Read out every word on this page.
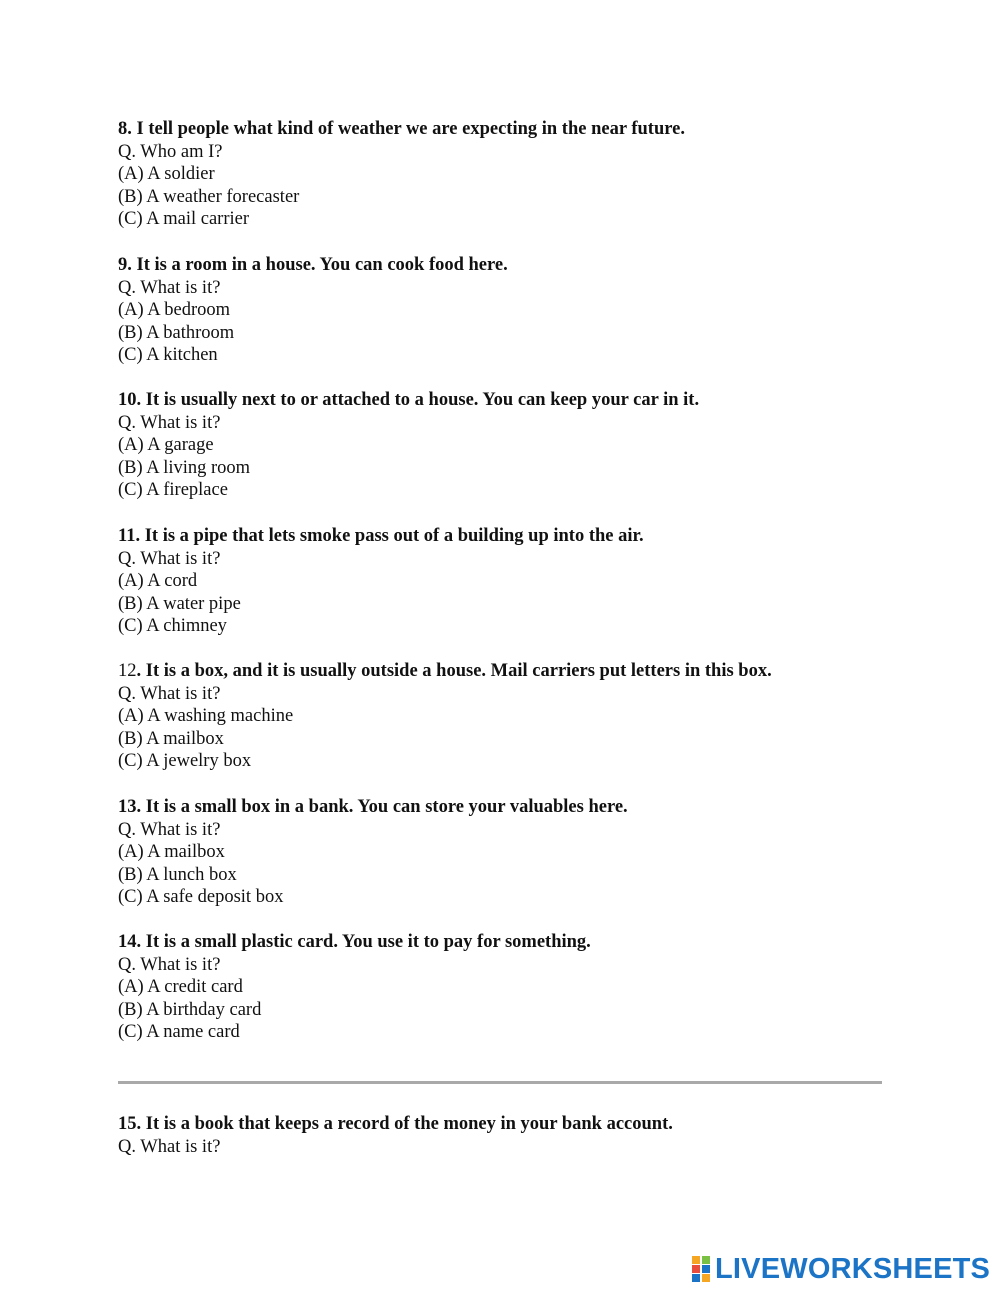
8. I tell people what kind of weather we are expecting in the near future.
Q. Who am I?
(A) A soldier
(B) A weather forecaster
(C) A mail carrier
9. It is a room in a house. You can cook food here.
Q. What is it?
(A) A bedroom
(B) A bathroom
(C) A kitchen
10. It is usually next to or attached to a house. You can keep your car in it.
Q. What is it?
(A) A garage
(B) A living room
(C) A fireplace
11. It is a pipe that lets smoke pass out of a building up into the air.
Q. What is it?
(A) A cord
(B) A water pipe
(C) A chimney
12. It is a box, and it is usually outside a house. Mail carriers put letters in this box.
Q. What is it?
(A) A washing machine
(B) A mailbox
(C) A jewelry box
13. It is a small box in a bank. You can store your valuables here.
Q. What is it?
(A) A mailbox
(B) A lunch box
(C) A safe deposit box
14. It is a small plastic card. You use it to pay for something.
Q. What is it?
(A) A credit card
(B) A birthday card
(C) A name card
15. It is a book that keeps a record of the money in your bank account.
Q. What is it?
LIVEWORKSHEETS
